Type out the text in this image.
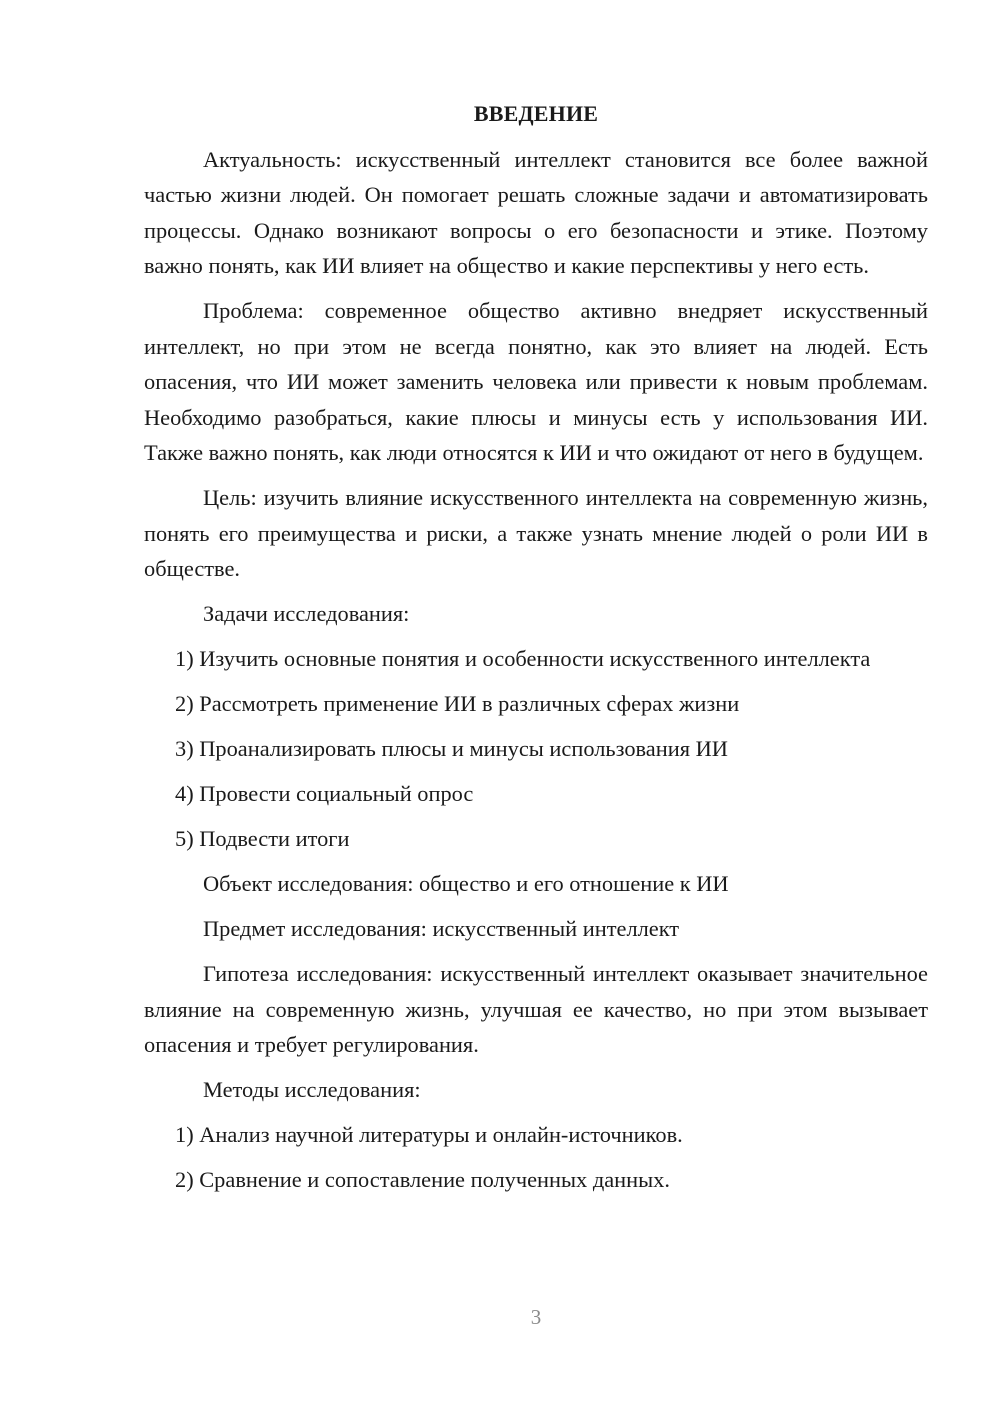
ВВЕДЕНИЕ

Актуальность: искусственный интеллект становится все более важной частью жизни людей. Он помогает решать сложные задачи и автоматизировать процессы. Однако возникают вопросы о его безопасности и этике. Поэтому важно понять, как ИИ влияет на общество и какие перспективы у него есть.

Проблема: современное общество активно внедряет искусственный интеллект, но при этом не всегда понятно, как это влияет на людей. Есть опасения, что ИИ может заменить человека или привести к новым проблемам. Необходимо разобраться, какие плюсы и минусы есть у использования ИИ. Также важно понять, как люди относятся к ИИ и что ожидают от него в будущем.

Цель: изучить влияние искусственного интеллекта на современную жизнь, понять его преимущества и риски, а также узнать мнение людей о роли ИИ в обществе.

Задачи исследования:

1) Изучить основные понятия и особенности искусственного интеллекта

2) Рассмотреть применение ИИ в различных сферах жизни

3) Проанализировать плюсы и минусы использования ИИ

4) Провести социальный опрос

5) Подвести итоги

Объект исследования: общество и его отношение к ИИ

Предмет исследования: искусственный интеллект

Гипотеза исследования: искусственный интеллект оказывает значительное влияние на современную жизнь, улучшая ее качество, но при этом вызывает опасения и требует регулирования.

Методы исследования:

1) Анализ научной литературы и онлайн-источников.

2) Сравнение и сопоставление полученных данных.

3
